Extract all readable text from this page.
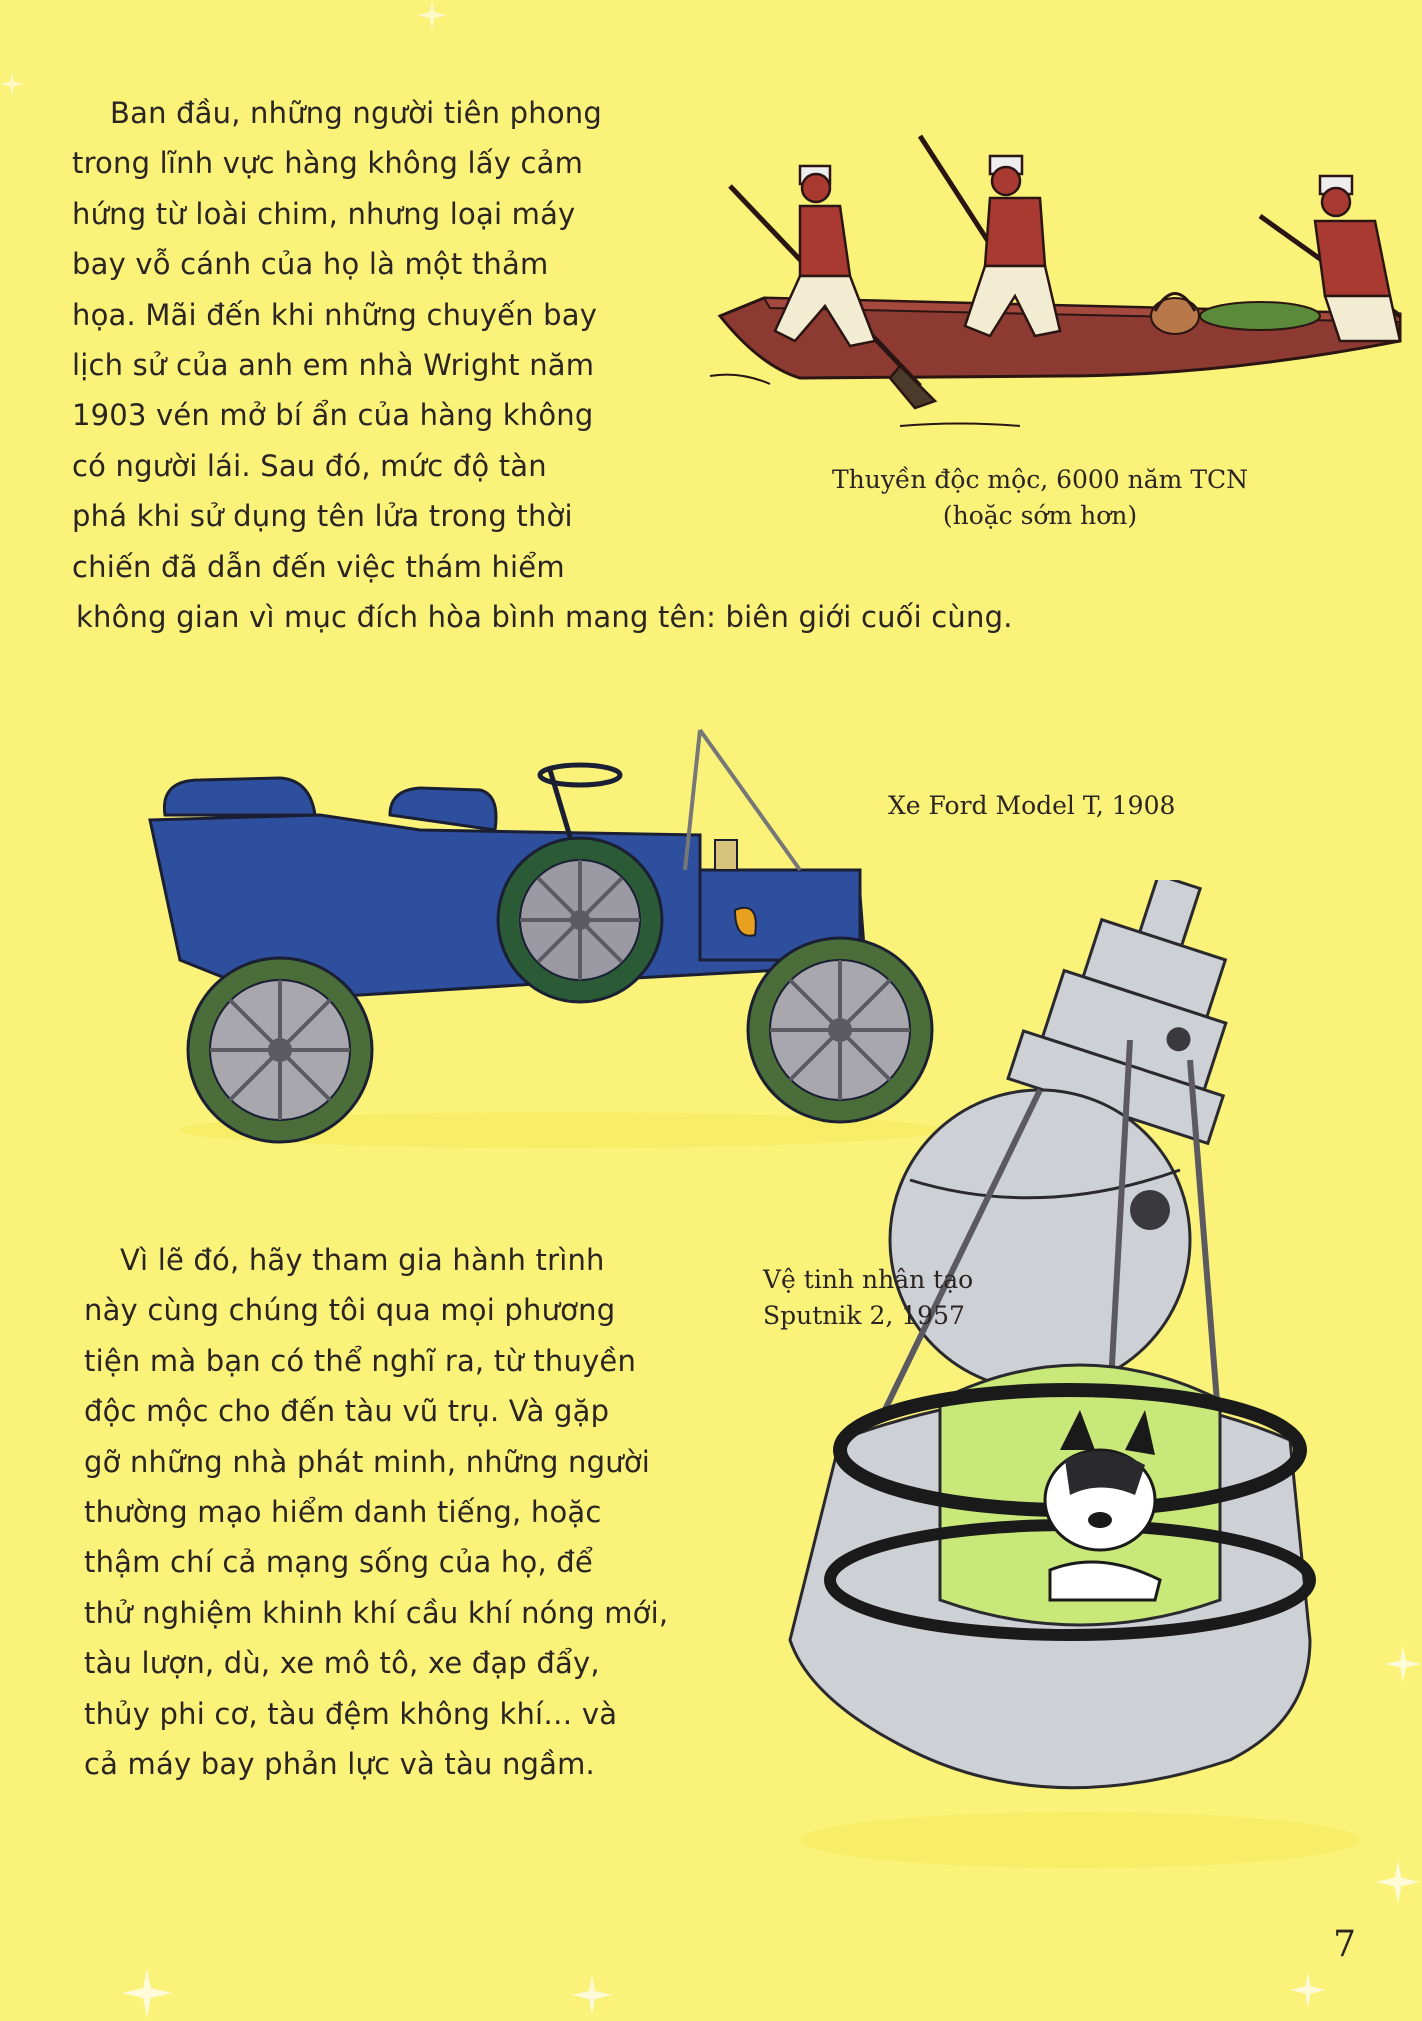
Ban đầu, những người tiên phong
trong lĩnh vực hàng không lấy cảm
hứng từ loài chim, nhưng loại máy
bay vỗ cánh của họ là một thảm
họa. Mãi đến khi những chuyến bay
lịch sử của anh em nhà Wright năm
1903 vén mở bí ẩn của hàng không
có người lái. Sau đó, mức độ tàn
phá khi sử dụng tên lửa trong thời
chiến đã dẫn đến việc thám hiểm
không gian vì mục đích hòa bình mang tên: biên giới cuối cùng.
Thuyền độc mộc, 6000 năm TCN
(hoặc sớm hơn)
Xe Ford Model T, 1908
Vì lẽ đó, hãy tham gia hành trình
này cùng chúng tôi qua mọi phương
tiện mà bạn có thể nghĩ ra, từ thuyền
độc mộc cho đến tàu vũ trụ. Và gặp
gỡ những nhà phát minh, những người
thường mạo hiểm danh tiếng, hoặc
thậm chí cả mạng sống của họ, để
thử nghiệm khinh khí cầu khí nóng mới,
tàu lượn, dù, xe mô tô, xe đạp đẩy,
thủy phi cơ, tàu đệm không khí… và
cả máy bay phản lực và tàu ngầm.
Vệ tinh nhân tạo
Sputnik 2, 1957
7
